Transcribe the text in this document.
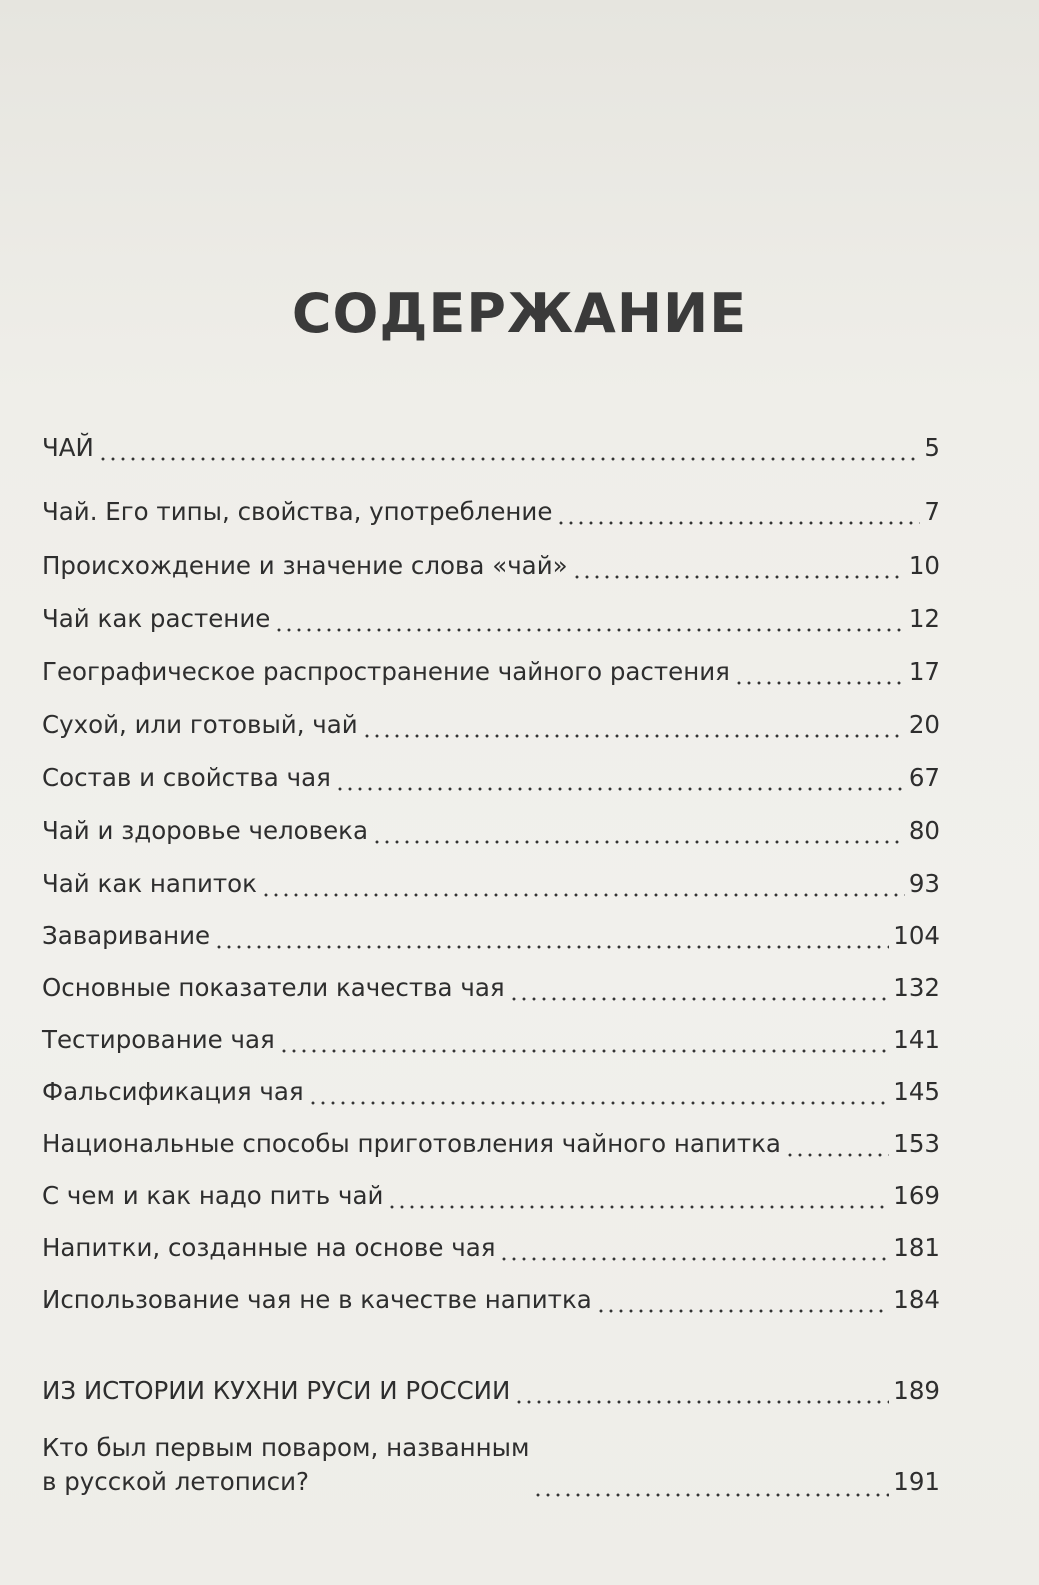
СОДЕРЖАНИЕ
ЧАЙ	5
Чай. Его типы, свойства, употребление	7
Происхождение и значение слова «чай»	10
Чай как растение	12
Географическое распространение чайного растения	17
Сухой, или готовый, чай	20
Состав и свойства чая	67
Чай и здоровье человека	80
Чай как напиток	93
Заваривание	104
Основные показатели качества чая	132
Тестирование чая	141
Фальсификация чая	145
Национальные способы приготовления чайного напитка	153
С чем и как надо пить чай	169
Напитки, созданные на основе чая	181
Использование чая не в качестве напитка	184
ИЗ ИСТОРИИ КУХНИ РУСИ И РОССИИ	189
Кто был первым поваром, названным
в русской летописи?	191
